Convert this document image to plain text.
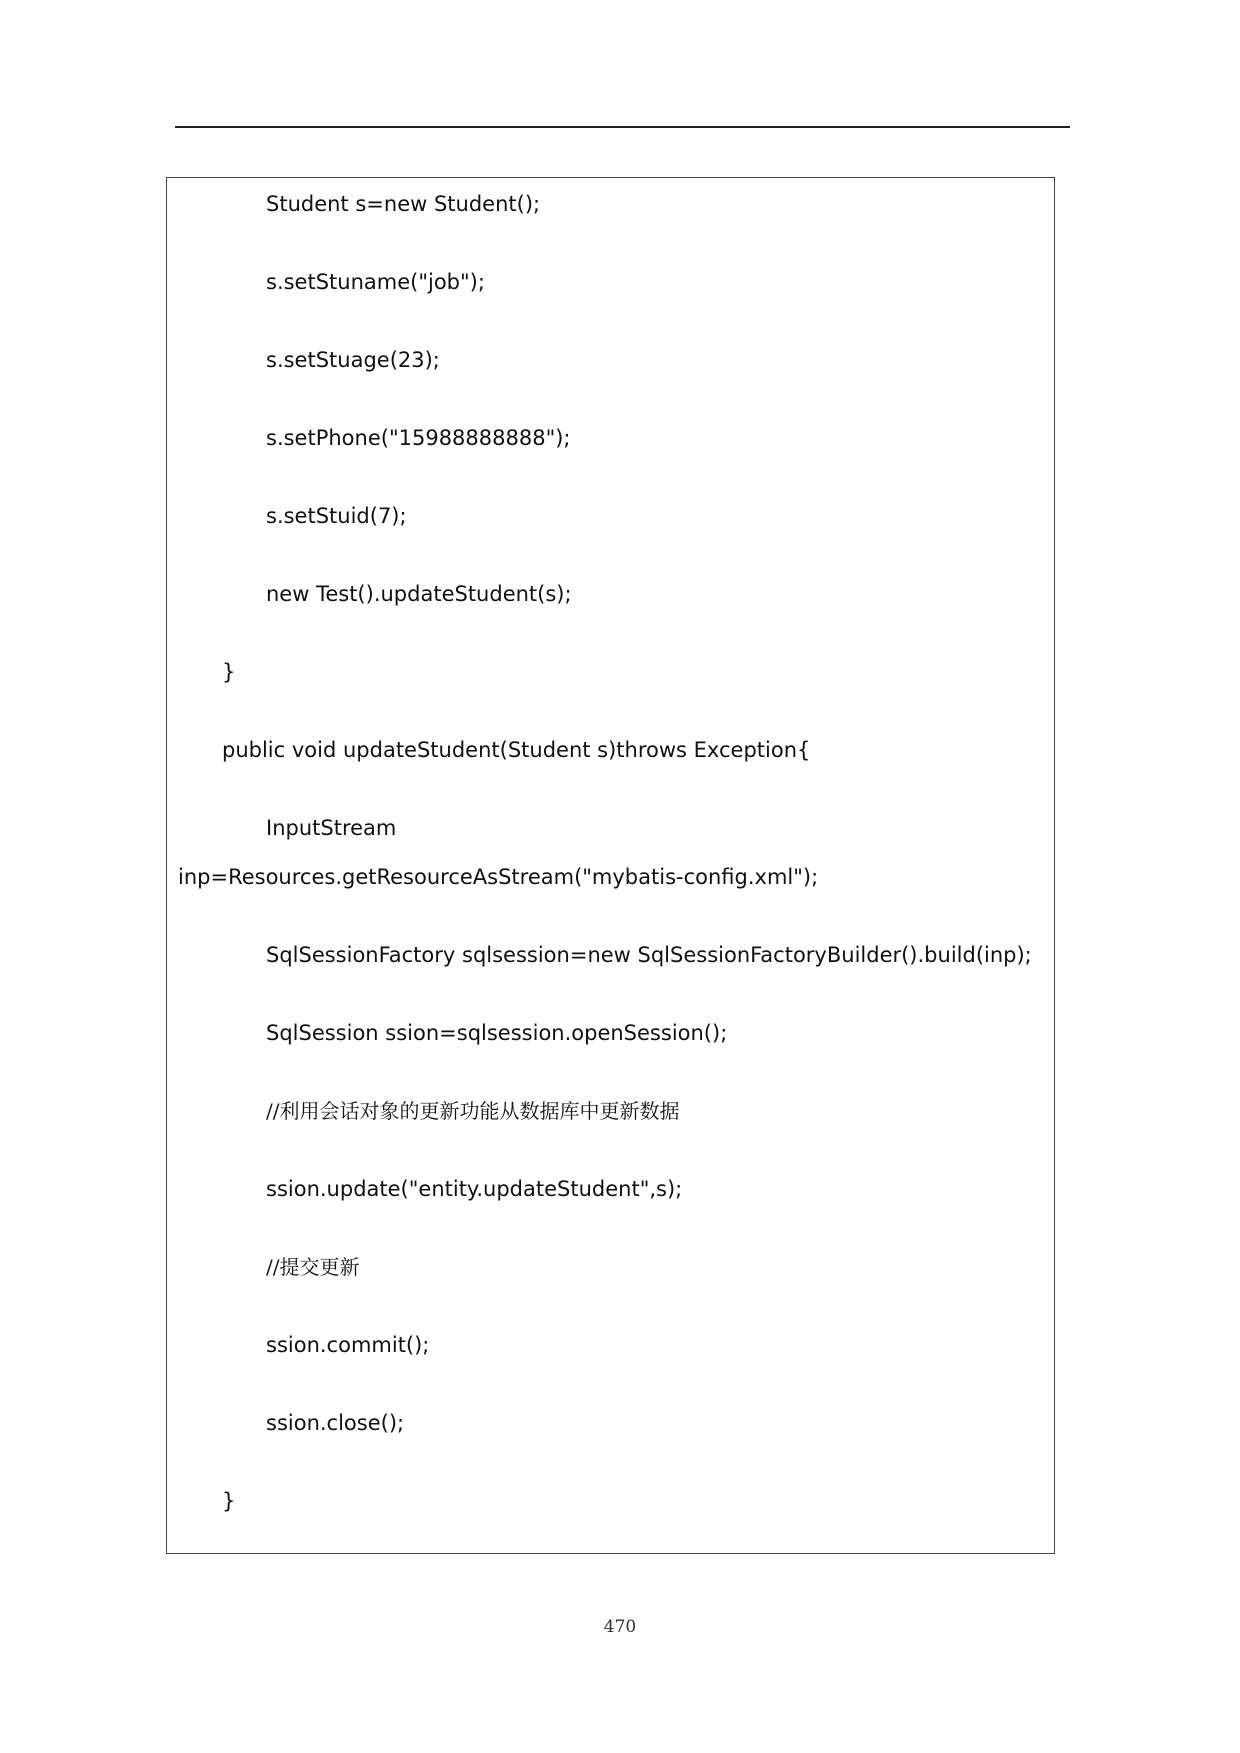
Student s=new Student();

s.setStuname("job");

s.setStuage(23);

s.setPhone("15988888888");

s.setStuid(7);

new Test().updateStudent(s);

}

public void updateStudent(Student s)throws Exception{

InputStream

inp=Resources.getResourceAsStream("mybatis-config.xml");

SqlSessionFactory sqlsession=new SqlSessionFactoryBuilder().build(inp);

SqlSession ssion=sqlsession.openSession();

//利用会话对象的更新功能从数据库中更新数据

ssion.update("entity.updateStudent",s);

//提交更新

ssion.commit();

ssion.close();

}

470
